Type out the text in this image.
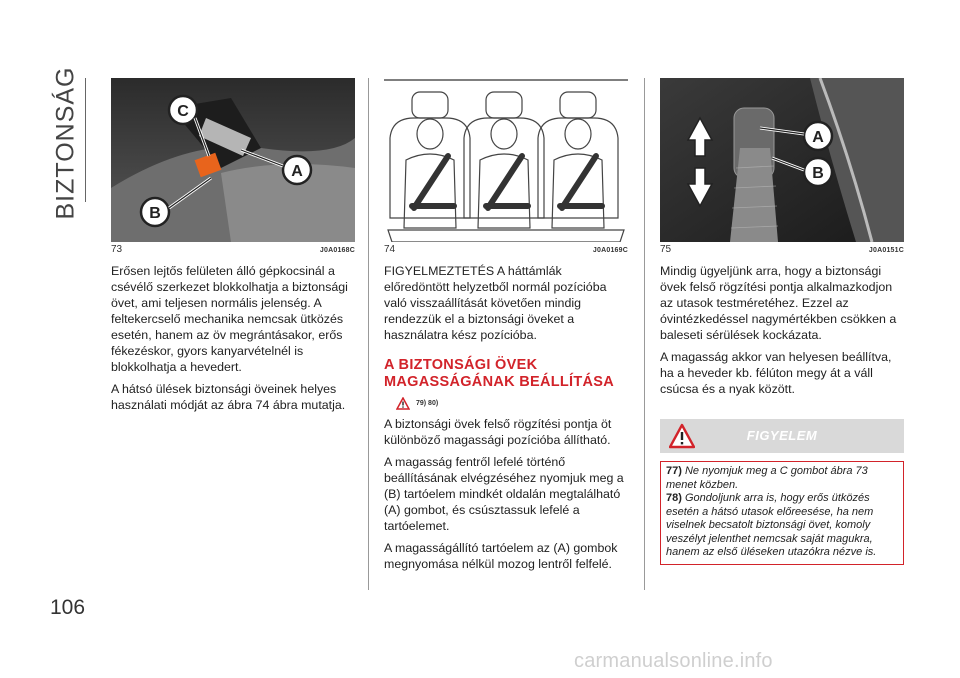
BIZTONSÁG
106
C
A
B
73	J0A0168C

Erősen lejtős felületen álló gépkocsinál a csévélő szerkezet blokkolhatja a biztonsági övet, ami teljesen normális jelenség. A feltekercselő mechanika nemcsak ütközés esetén, hanem az öv megrántásakor, erős fékezéskor, gyors kanyarvételnél is blokkolhatja a hevedert.

A hátsó ülések biztonsági öveinek helyes használati módját az ábra 74 ábra mutatja.

74	J0A0169C

FIGYELMEZTETÉS A háttámlák előredöntött helyzetből normál pozícióba való visszaállítását követően mindig rendezzük el a biztonsági öveket a használatra kész pozícióba.

A BIZTONSÁGI ÖVEK MAGASSÁGÁNAK BEÁLLÍTÁSA
79) 80)

A biztonsági övek felső rögzítési pontja öt különböző magassági pozícióba állítható.

A magasság fentről lefelé történő beállításának elvégzéséhez nyomjuk meg a (B) tartóelem mindkét oldalán megtalálható (A) gombot, és csúsztassuk lefelé a tartóelemet.

A magasságállító tartóelem az (A) gombok megnyomása nélkül mozog lentről felfelé.

A
B
75	J0A0151C

Mindig ügyeljünk arra, hogy a biztonsági övek felső rögzítési pontja alkalmazkodjon az utasok testméretéhez. Ezzel az óvintézkedéssel nagymértékben csökken a baleseti sérülések kockázata.

A magasság akkor van helyesen beállítva, ha a heveder kb. félúton megy át a váll csúcsa és a nyak között.

FIGYELEM
77) Ne nyomjuk meg a C gombot ábra 73 menet közben.
78) Gondoljunk arra is, hogy erős ütközés esetén a hátsó utasok előreesése, ha nem viselnek becsatolt biztonsági övet, komoly veszélyt jelenthet nemcsak saját magukra, hanem az első üléseken utazókra nézve is.
carmanualsonline.info
